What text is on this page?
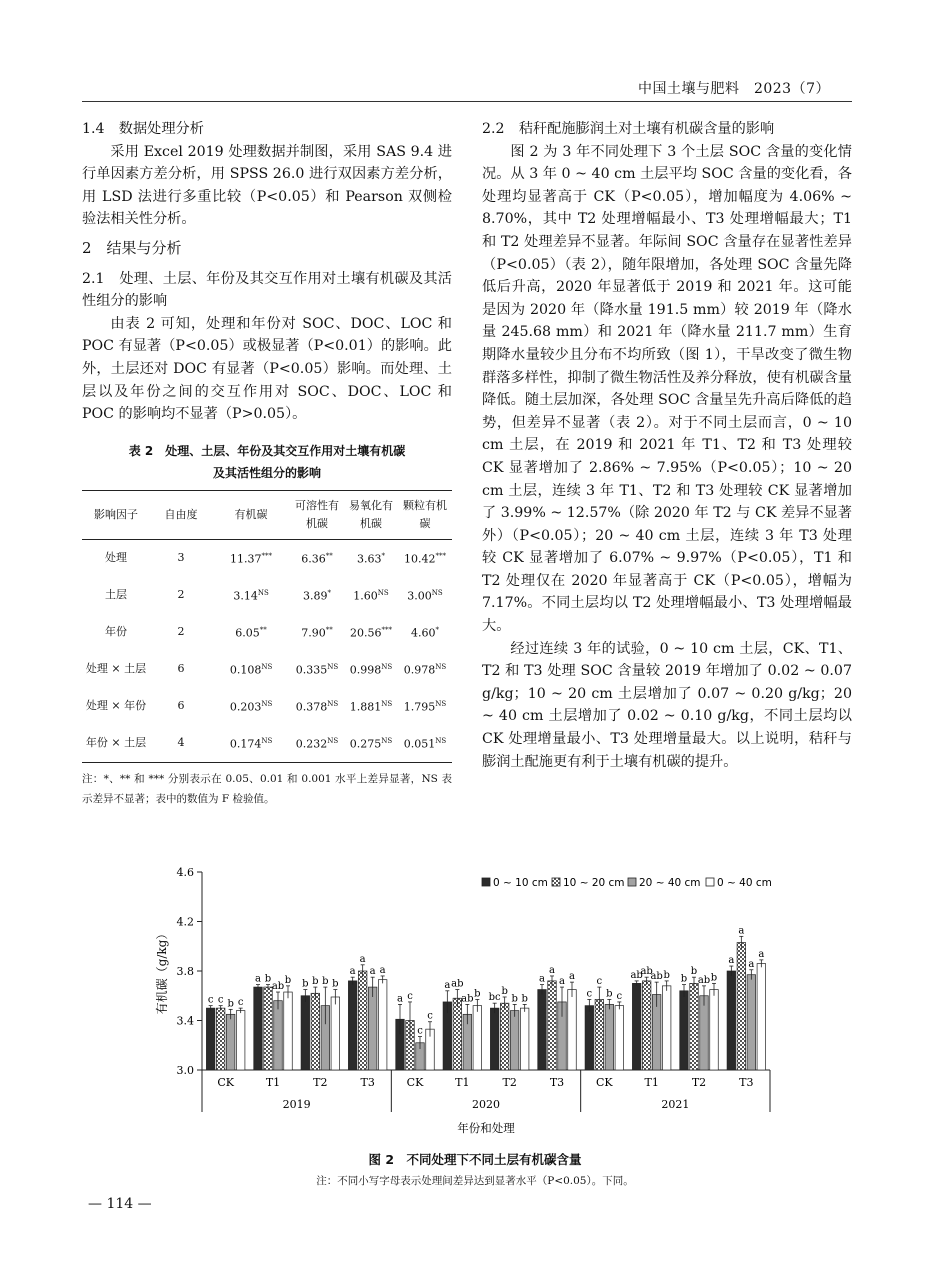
中国土壤与肥料　2023（7）

1.4　数据处理分析

采用 Excel 2019 处理数据并制图，采用 SAS 9.4 进行单因素方差分析，用 SPSS 26.0 进行双因素方差分析，用 LSD 法进行多重比较（P<0.05）和 Pearson 双侧检验法相关性分析。

2　结果与分析

2.1　处理、土层、年份及其交互作用对土壤有机碳及其活性组分的影响

由表 2 可知，处理和年份对 SOC、DOC、LOC 和 POC 有显著（P<0.05）或极显著（P<0.01）的影响。此外，土层还对 DOC 有显著（P<0.05）影响。而处理、土层以及年份之间的交互作用对 SOC、DOC、LOC 和 POC 的影响均不显著（P>0.05）。

表 2　处理、土层、年份及其交互作用对土壤有机碳
及其活性组分的影响
影响因子	自由度	有机碳	可溶性有机碳	易氧化有机碳	颗粒有机碳
处理	3	11.37***	6.36**	3.63*	10.42***
土层	2	$3.14^{NS}$	3.89*	$1.60^{NS}$	$3.00^{NS}$
年份	2	6.05**	7.90**	20.56***	4.60*
处理 × 土层	6	$0.108^{NS}$	$0.335^{NS}$	$0.998^{NS}$	$0.978^{NS}$
处理 × 年份	6	$0.203^{NS}$	$0.378^{NS}$	$1.881^{NS}$	$1.795^{NS}$
年份 × 土层	4	$0.174^{NS}$	$0.232^{NS}$	$0.275^{NS}$	$0.051^{NS}$
注：*、** 和 *** 分别表示在 0.05、0.01 和 0.001 水平上差异显著，NS 表示差异不显著；表中的数值为 F 检验值。

2.2　秸秆配施膨润土对土壤有机碳含量的影响

图 2 为 3 年不同处理下 3 个土层 SOC 含量的变化情况。从 3 年 0 ~ 40 cm 土层平均 SOC 含量的变化看，各处理均显著高于 CK（P<0.05），增加幅度为 4.06% ~ 8.70%，其中 T2 处理增幅最小、T3 处理增幅最大；T1 和 T2 处理差异不显著。年际间 SOC 含量存在显著性差异（P<0.05）（表 2），随年限增加，各处理 SOC 含量先降低后升高，2020 年显著低于 2019 和 2021 年。这可能是因为 2020 年（降水量 191.5 mm）较 2019 年（降水量 245.68 mm）和 2021 年（降水量 211.7 mm）生育期降水量较少且分布不均所致（图 1），干旱改变了微生物群落多样性，抑制了微生物活性及养分释放，使有机碳含量降低。随土层加深，各处理 SOC 含量呈先升高后降低的趋势，但差异不显著（表 2）。对于不同土层而言，0 ~ 10 cm 土层，在 2019 和 2021 年 T1、T2 和 T3 处理较 CK 显著增加了 2.86% ~ 7.95%（P<0.05）；10 ~ 20 cm 土层，连续 3 年 T1、T2 和 T3 处理较 CK 显著增加了 3.99% ~ 12.57%（除 2020 年 T2 与 CK 差异不显著外）（P<0.05）；20 ~ 40 cm 土层，连续 3 年 T3 处理较 CK 显著增加了 6.07% ~ 9.97%（P<0.05），T1 和 T2 处理仅在 2020 年显著高于 CK（P<0.05），增幅为 7.17%。不同土层均以 T2 处理增幅最小、T3 处理增幅最大。

经过连续 3 年的试验，0 ~ 10 cm 土层，CK、T1、T2 和 T3 处理 SOC 含量较 2019 年增加了 0.02 ~ 0.07 g/kg；10 ~ 20 cm 土层增加了 0.07 ~ 0.20 g/kg；20 ~ 40 cm 土层增加了 0.02 ~ 0.10 g/kg，不同土层均以 CK 处理增量最小、T3 处理增量最大。以上说明，秸秆与膨润土配施更有利于土壤有机碳的提升。

3.0
3.4
3.8
4.2
4.6
有机碳（g/kg）
0 ~ 10 cm 10 ~ 20 cm 20 ~ 40 cm 0 ~ 40 cm
c c b c
CK
a b
ab
b
T1
b b b b
T2
a
a
a a
T3
2019
a c
c
c
CK
a ab
ab b
T1
bc
b
b b
T2
a
a
a a
T3
2020
c
c
b c
CK
ab
ab
ab b
T1
b
b
ab b
T2
a
a
a
a
T3
2021
年份和处理
图 2　不同处理下不同土层有机碳含量
注：不同小写字母表示处理间差异达到显著水平（P<0.05）。下同。
— 114 —
